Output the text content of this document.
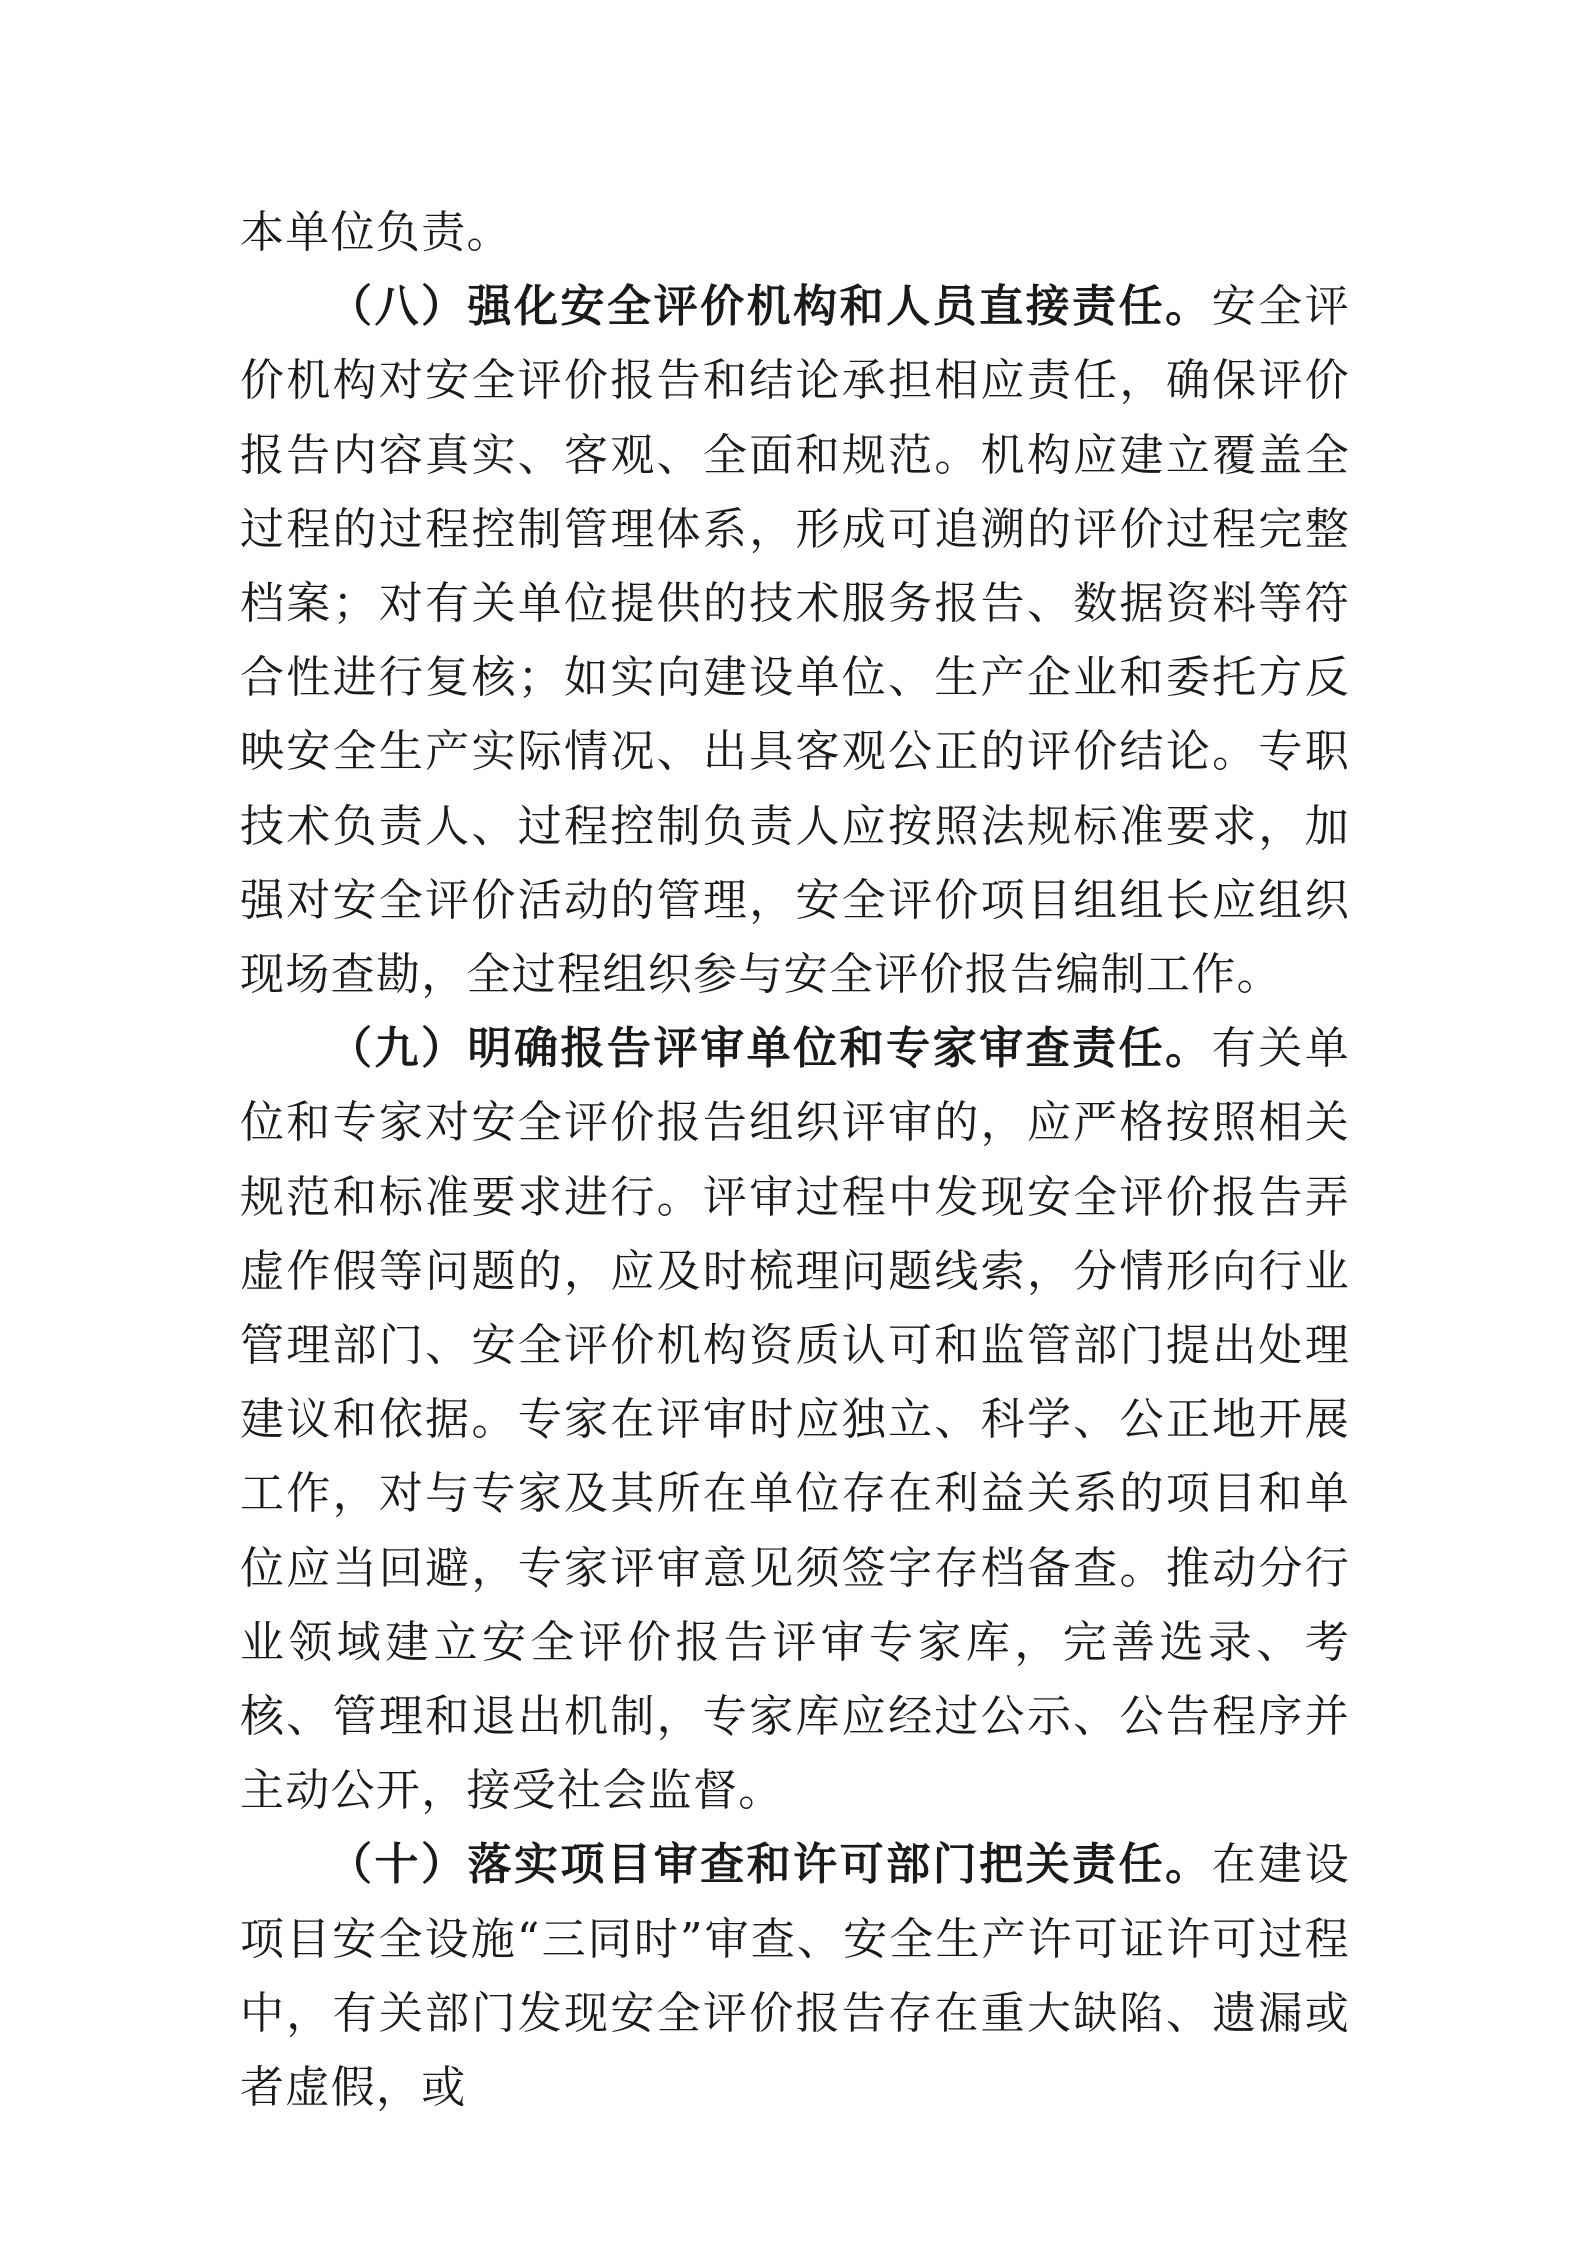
本单位负责。

（八）强化安全评价机构和人员直接责任。安全评价机构对安全评价报告和结论承担相应责任，确保评价报告内容真实、客观、全面和规范。机构应建立覆盖全过程的过程控制管理体系，形成可追溯的评价过程完整档案；对有关单位提供的技术服务报告、数据资料等符合性进行复核；如实向建设单位、生产企业和委托方反映安全生产实际情况、出具客观公正的评价结论。专职技术负责人、过程控制负责人应按照法规标准要求，加强对安全评价活动的管理，安全评价项目组组长应组织现场查勘，全过程组织参与安全评价报告编制工作。

（九）明确报告评审单位和专家审查责任。有关单位和专家对安全评价报告组织评审的，应严格按照相关规范和标准要求进行。评审过程中发现安全评价报告弄虚作假等问题的，应及时梳理问题线索，分情形向行业管理部门、安全评价机构资质认可和监管部门提出处理建议和依据。专家在评审时应独立、科学、公正地开展工作，对与专家及其所在单位存在利益关系的项目和单位应当回避，专家评审意见须签字存档备查。推动分行业领域建立安全评价报告评审专家库，完善选录、考核、管理和退出机制，专家库应经过公示、公告程序并主动公开，接受社会监督。

（十）落实项目审查和许可部门把关责任。在建设项目安全设施“三同时”审查、安全生产许可证许可过程中，有关部门发现安全评价报告存在重大缺陷、遗漏或者虚假，或
